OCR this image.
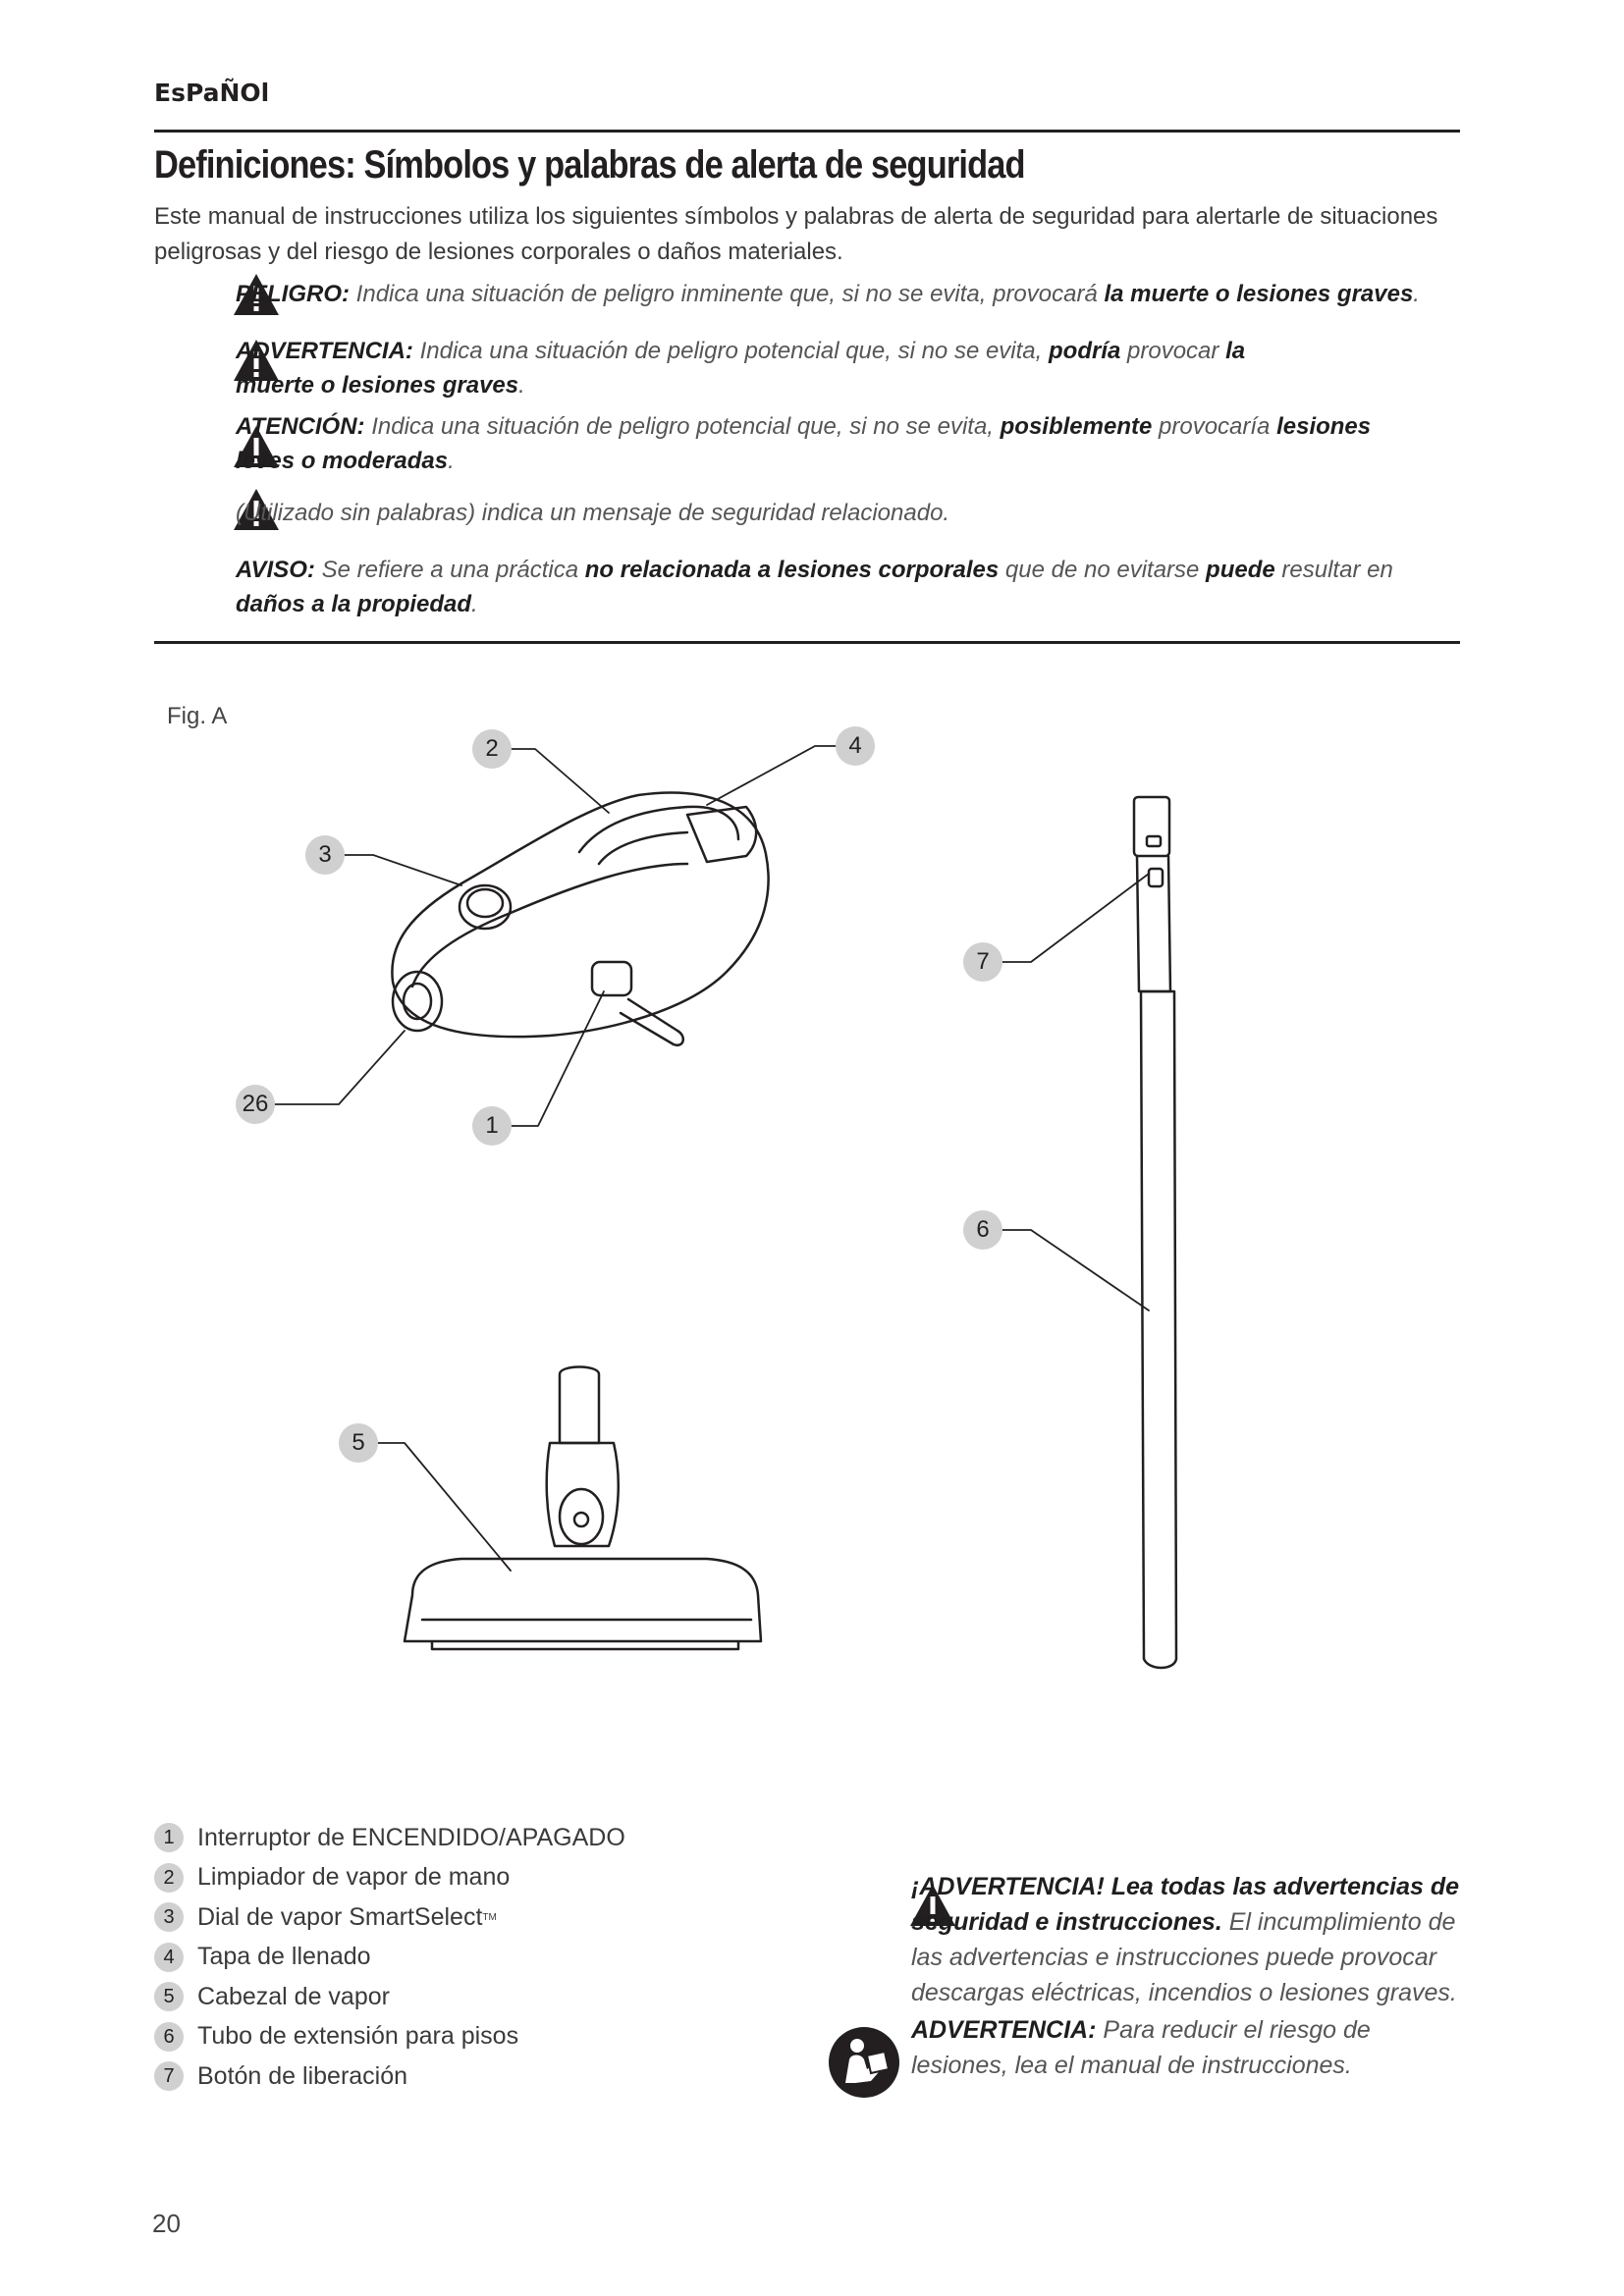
EsPaÑOl
Definiciones: Símbolos y palabras de alerta de seguridad
Este manual de instrucciones utiliza los siguientes símbolos y palabras de alerta de seguridad para alertarle de situaciones peligrosas y del riesgo de lesiones corporales o daños materiales.
PELIGRO: Indica una situación de peligro inminente que, si no se evita, provocará la muerte o lesiones graves.
ADVERTENCIA: Indica una situación de peligro potencial que, si no se evita, podría provocar la muerte o lesiones graves.
ATENCIÓN: Indica una situación de peligro potencial que, si no se evita, posiblemente provocaría lesiones leves o moderadas.
(Utilizado sin palabras) indica un mensaje de seguridad relacionado.
AVISO: Se refiere a una práctica no relacionada a lesiones corporales que de no evitarse puede resultar en daños a la propiedad.
Fig. A
2	4
3
7
26
1
6
5
1 Interruptor de ENCENDIDO/APAGADO
2 Limpiador de vapor de mano
3 Dial de vapor SmartSelect TM
4 Tapa de llenado
5 Cabezal de vapor
6 Tubo de extensión para pisos
7 Botón de liberación
¡ADVERTENCIA! Lea todas las advertencias de seguridad e instrucciones. El incumplimiento de las advertencias e instrucciones puede provocar descargas eléctricas, incendios o lesiones graves.
ADVERTENCIA: Para reducir el riesgo de lesiones, lea el manual de instrucciones.
20
